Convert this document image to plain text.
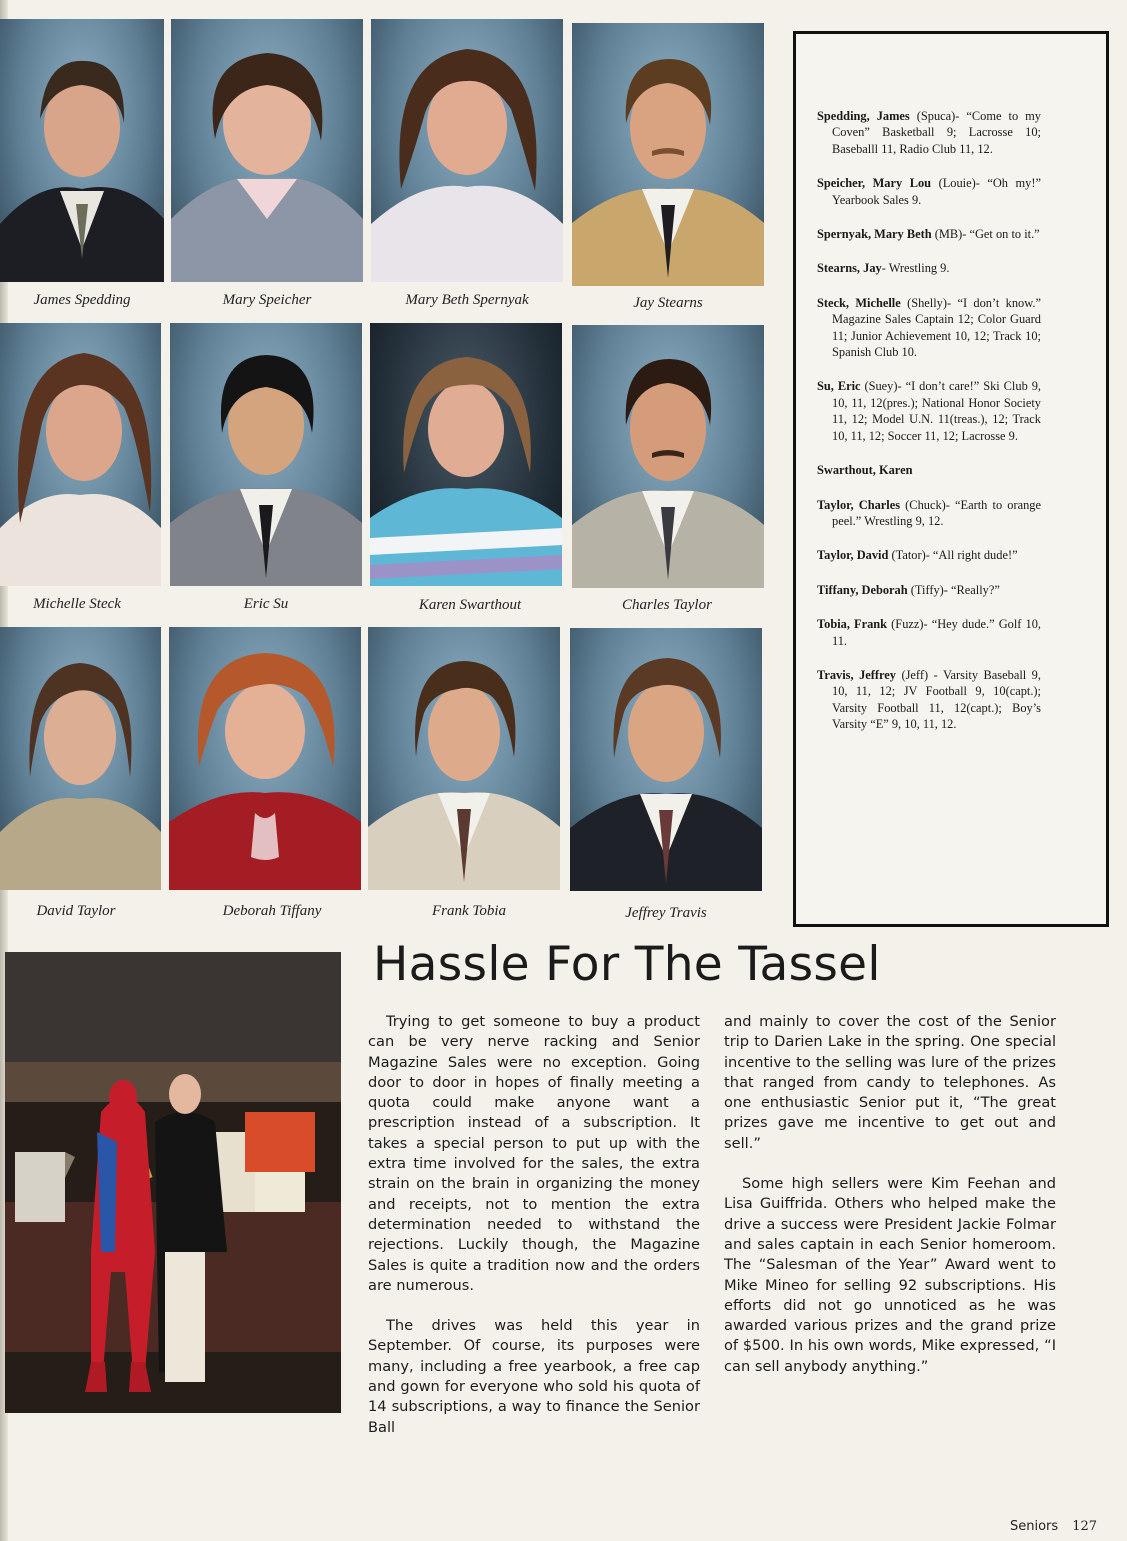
James Spedding	Mary Speicher	Mary Beth Spernyak	Jay Stearns
Michelle Steck	Eric Su	Karen Swarthout	Charles Taylor
David Taylor	Deborah Tiffany	Frank Tobia	Jeffrey Travis

Spedding, James (Spuca)- “Come to my Coven” Basketball 9; Lacrosse 10; Baseballl 11, Radio Club 11, 12.

Speicher, Mary Lou (Louie)- “Oh my!” Yearbook Sales 9.

Spernyak, Mary Beth (MB)- “Get on to it.”

Stearns, Jay- Wrestling 9.

Steck, Michelle (Shelly)- “I don’t know.” Magazine Sales Captain 12; Color Guard 11; Junior Achievement 10, 12; Track 10; Spanish Club 10.

Su, Eric (Suey)- “I don’t care!” Ski Club 9, 10, 11, 12(pres.); National Honor Society 11, 12; Model U.N. 11(treas.), 12; Track 10, 11, 12; Soccer 11, 12; Lacrosse 9.

Swarthout, Karen

Taylor, Charles (Chuck)- “Earth to orange peel.” Wrestling 9, 12.

Taylor, David (Tator)- “All right dude!”

Tiffany, Deborah (Tiffy)- “Really?”

Tobia, Frank (Fuzz)- “Hey dude.” Golf 10, 11.

Travis, Jeffrey (Jeff) - Varsity Baseball 9, 10, 11, 12; JV Football 9, 10(capt.); Varsity Football 11, 12(capt.); Boy’s Varsity “E” 9, 10, 11, 12.

Hassle For The Tassel

Trying to get someone to buy a product can be very nerve racking and Senior Magazine Sales were no exception. Going door to door in hopes of finally meeting a quota could make anyone want a prescription instead of a subscription. It takes a special person to put up with the extra time involved for the sales, the extra strain on the brain in organizing the money and receipts, not to mention the extra determination needed to withstand the rejections. Luckily though, the Magazine Sales is quite a tradition now and the orders are numerous.

The drives was held this year in September. Of course, its purposes were many, including a free yearbook, a free cap and gown for everyone who sold his quota of 14 subscriptions, a way to finance the Senior Ball

and mainly to cover the cost of the Senior trip to Darien Lake in the spring. One special incentive to the selling was lure of the prizes that ranged from candy to telephones. As one enthusiastic Senior put it, “The great prizes gave me incentive to get out and sell.”

Some high sellers were Kim Feehan and Lisa Guiffrida. Others who helped make the drive a success were President Jackie Folmar and sales captain in each Senior homeroom. The “Salesman of the Year” Award went to Mike Mineo for selling 92 subscriptions. His efforts did not go unnoticed as he was awarded various prizes and the grand prize of $500. In his own words, Mike expressed, “I can sell anybody anything.”

Seniors 127
